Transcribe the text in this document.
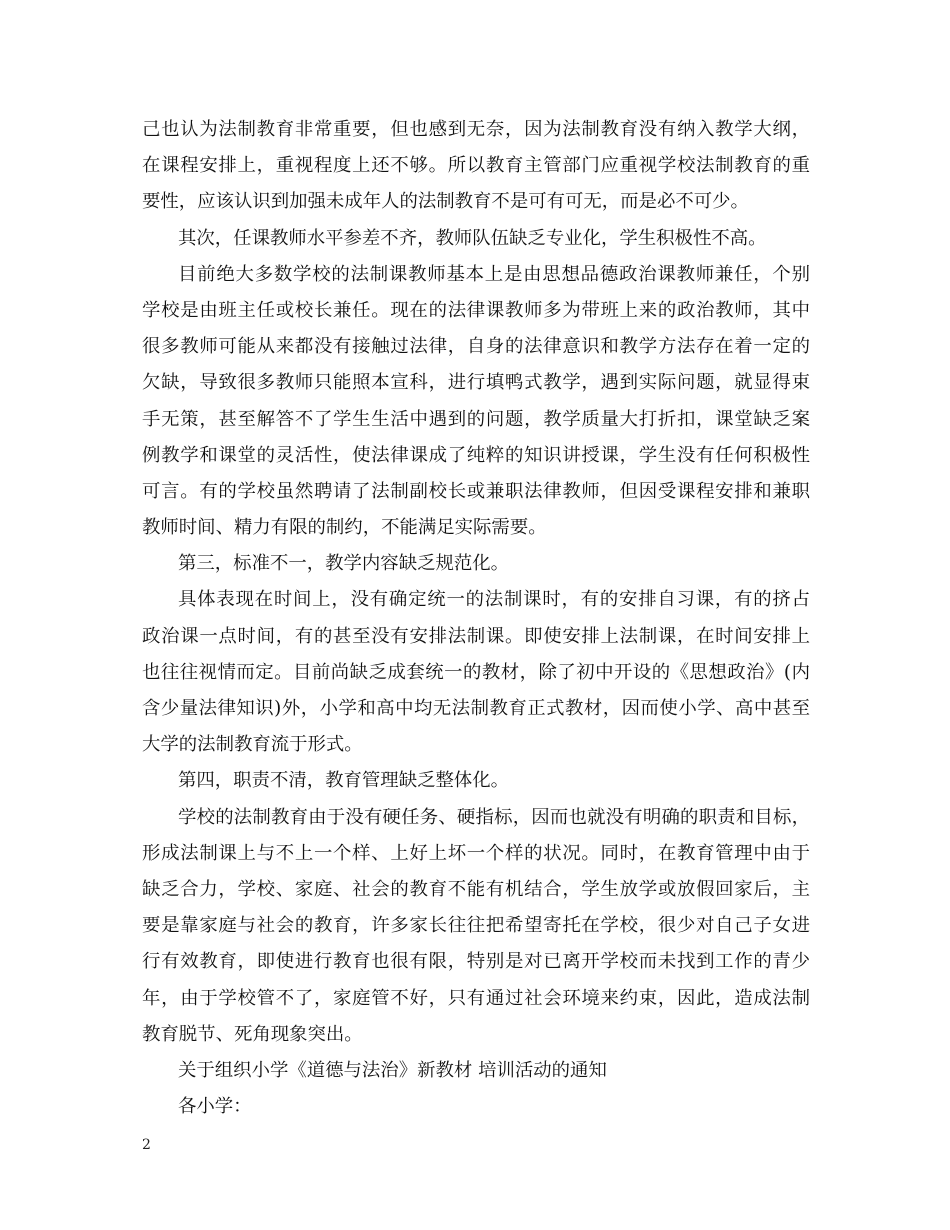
己也认为法制教育非常重要，但也感到无奈，因为法制教育没有纳入教学大纲，
在课程安排上，重视程度上还不够。所以教育主管部门应重视学校法制教育的重
要性，应该认识到加强未成年人的法制教育不是可有可无，而是必不可少。
其次，任课教师水平参差不齐，教师队伍缺乏专业化，学生积极性不高。
目前绝大多数学校的法制课教师基本上是由思想品德政治课教师兼任，个别
学校是由班主任或校长兼任。现在的法律课教师多为带班上来的政治教师，其中
很多教师可能从来都没有接触过法律，自身的法律意识和教学方法存在着一定的
欠缺，导致很多教师只能照本宣科，进行填鸭式教学，遇到实际问题，就显得束
手无策，甚至解答不了学生生活中遇到的问题，教学质量大打折扣，课堂缺乏案
例教学和课堂的灵活性，使法律课成了纯粹的知识讲授课，学生没有任何积极性
可言。有的学校虽然聘请了法制副校长或兼职法律教师，但因受课程安排和兼职
教师时间、精力有限的制约，不能满足实际需要。
第三，标准不一，教学内容缺乏规范化。
具体表现在时间上，没有确定统一的法制课时，有的安排自习课，有的挤占
政治课一点时间，有的甚至没有安排法制课。即使安排上法制课，在时间安排上
也往往视情而定。目前尚缺乏成套统一的教材，除了初中开设的《思想政治》(内
含少量法律知识)外，小学和高中均无法制教育正式教材，因而使小学、高中甚至
大学的法制教育流于形式。
第四，职责不清，教育管理缺乏整体化。
学校的法制教育由于没有硬任务、硬指标，因而也就没有明确的职责和目标，
形成法制课上与不上一个样、上好上坏一个样的状况。同时，在教育管理中由于
缺乏合力，学校、家庭、社会的教育不能有机结合，学生放学或放假回家后，主
要是靠家庭与社会的教育，许多家长往往把希望寄托在学校，很少对自己子女进
行有效教育，即使进行教育也很有限，特别是对已离开学校而未找到工作的青少
年，由于学校管不了，家庭管不好，只有通过社会环境来约束，因此，造成法制
教育脱节、死角现象突出。
关于组织小学《道德与法治》新教材 培训活动的通知
各小学：
2
